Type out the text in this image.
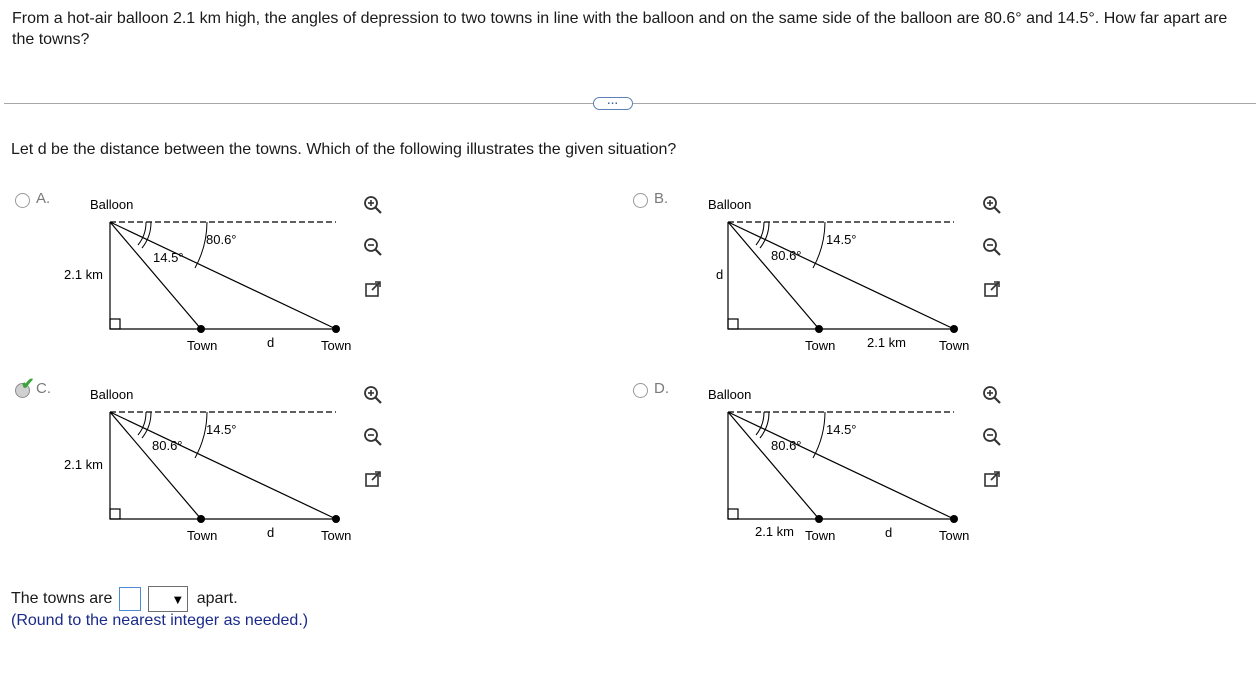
From a hot-air balloon 2.1 km high, the angles of depression to two towns in line with the balloon and on the same side of the balloon are 80.6° and 14.5°. How far apart are the towns?
...
Let d be the distance between the towns. Which of the following illustrates the given situation?
A.	Balloon
2.1 km
14.5°
80.6°
Town	d	Town
B.	Balloon
d
80.6°
14.5°
Town 2.1 km	Town
✔ C.	Balloon
2.1 km
80.6°
14.5°
Town	d	Town
D.	Balloon
80.6°
14.5°
2.1 km Town	d	Town
The towns are	▼ apart.
(Round to the nearest integer as needed.)
